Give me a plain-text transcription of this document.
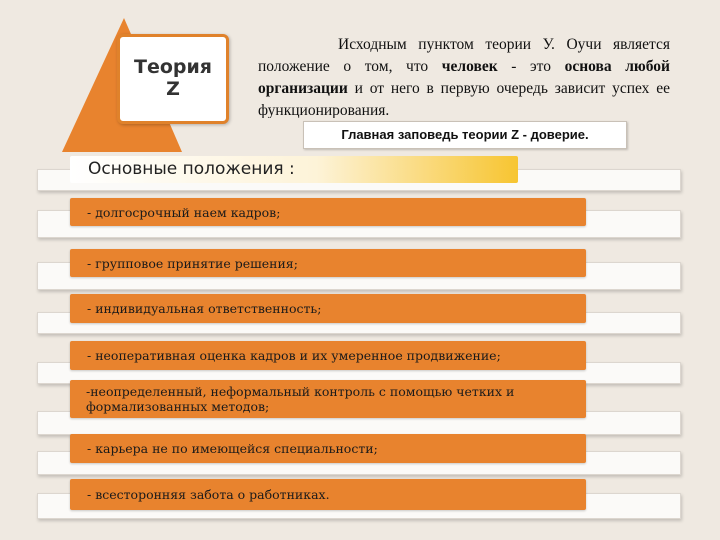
Теория
Z
Исходным пунктом теории У. Оучи является положение о том, что человек - это основа любой организации и от него в первую очередь зависит успех ее функционирования.
Главная заповедь теории Z - доверие.
Основные положения :
- долгосрочный наем кадров;
- групповое принятие решения;
- индивидуальная ответственность;
- неоперативная оценка кадров и их умеренное продвижение;
-неопределенный, неформальный контроль с помощью четких и
формализованных методов;
- карьера не по имеющейся специальности;
- всесторонняя забота о работниках.
